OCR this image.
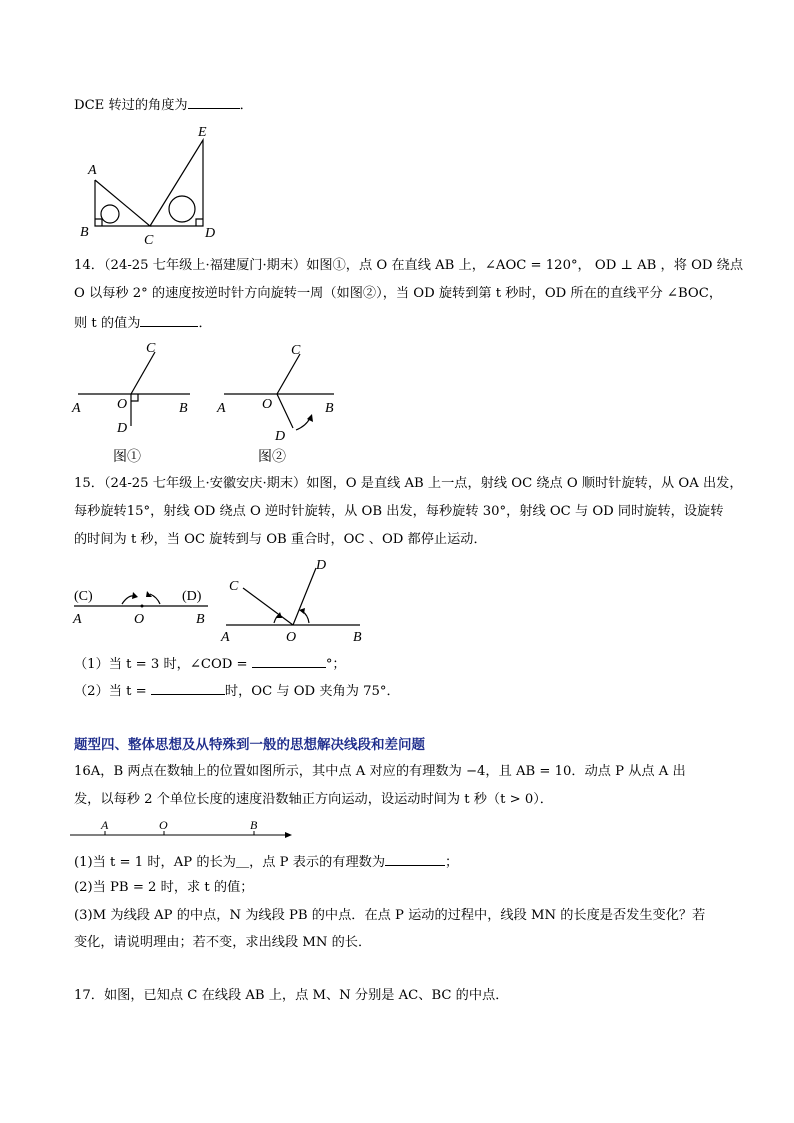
DCE 转过的角度为	．
A
B
C	D
E
14．（24-25 七年级上·福建厦门·期末）如图①，点 O 在直线 AB 上，∠AOC = 120°， OD ⊥ AB ，将 OD 绕点
O 以每秒 2° 的速度按逆时针方向旋转一周（如图②），当 OD 旋转到第 t 秒时，OD 所在的直线平分 ∠BOC，
则 t 的值为	．
C
A	O	B
D
图①
C
A	O	B
D
图②
15．（24-25 七年级上·安徽安庆·期末）如图，O 是直线 AB 上一点，射线 OC 绕点 O 顺时针旋转，从 OA 出发，
每秒旋转15°，射线 OD 绕点 O 逆时针旋转，从 OB 出发，每秒旋转 30°，射线 OC 与 OD 同时旋转，设旋转
的时间为 t 秒，当 OC 旋转到与 OB 重合时，OC 、OD 都停止运动．
(C)	(D)
A	O	B
C
D
A	O	B
（1）当 t = 3 时，∠COD =	°；
（2）当 t =	时，OC 与 OD 夹角为 75°．
题型四、整体思想及从特殊到一般的思想解决线段和差问题
16A，B 两点在数轴上的位置如图所示，其中点 A 对应的有理数为 −4，且 AB = 10．动点 P 从点 A 出
发，以每秒 2 个单位长度的速度沿数轴正方向运动，设运动时间为 t 秒（t > 0）．
A	O	B
(1)当 t = 1 时，AP 的长为＿，点 P 表示的有理数为	；
(2)当 PB = 2 时，求 t 的值；
(3)M 为线段 AP 的中点，N 为线段 PB 的中点．在点 P 运动的过程中，线段 MN 的长度是否发生变化？若
变化，请说明理由；若不变，求出线段 MN 的长．
17．如图，已知点 C 在线段 AB 上，点 M、N 分别是 AC、BC 的中点．
